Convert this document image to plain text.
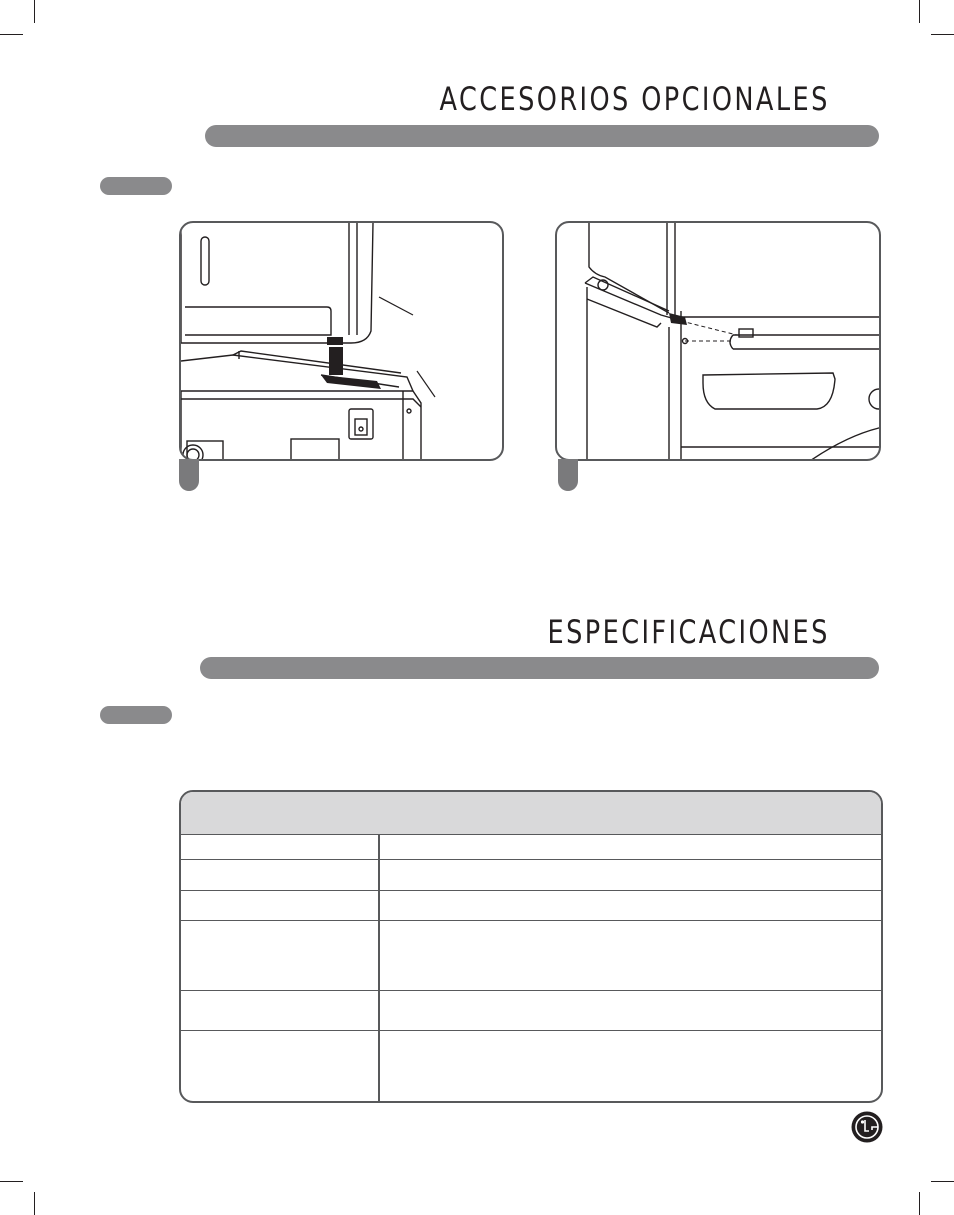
ACCESORIOS OPCIONALES
ESPECIFICACIONES
